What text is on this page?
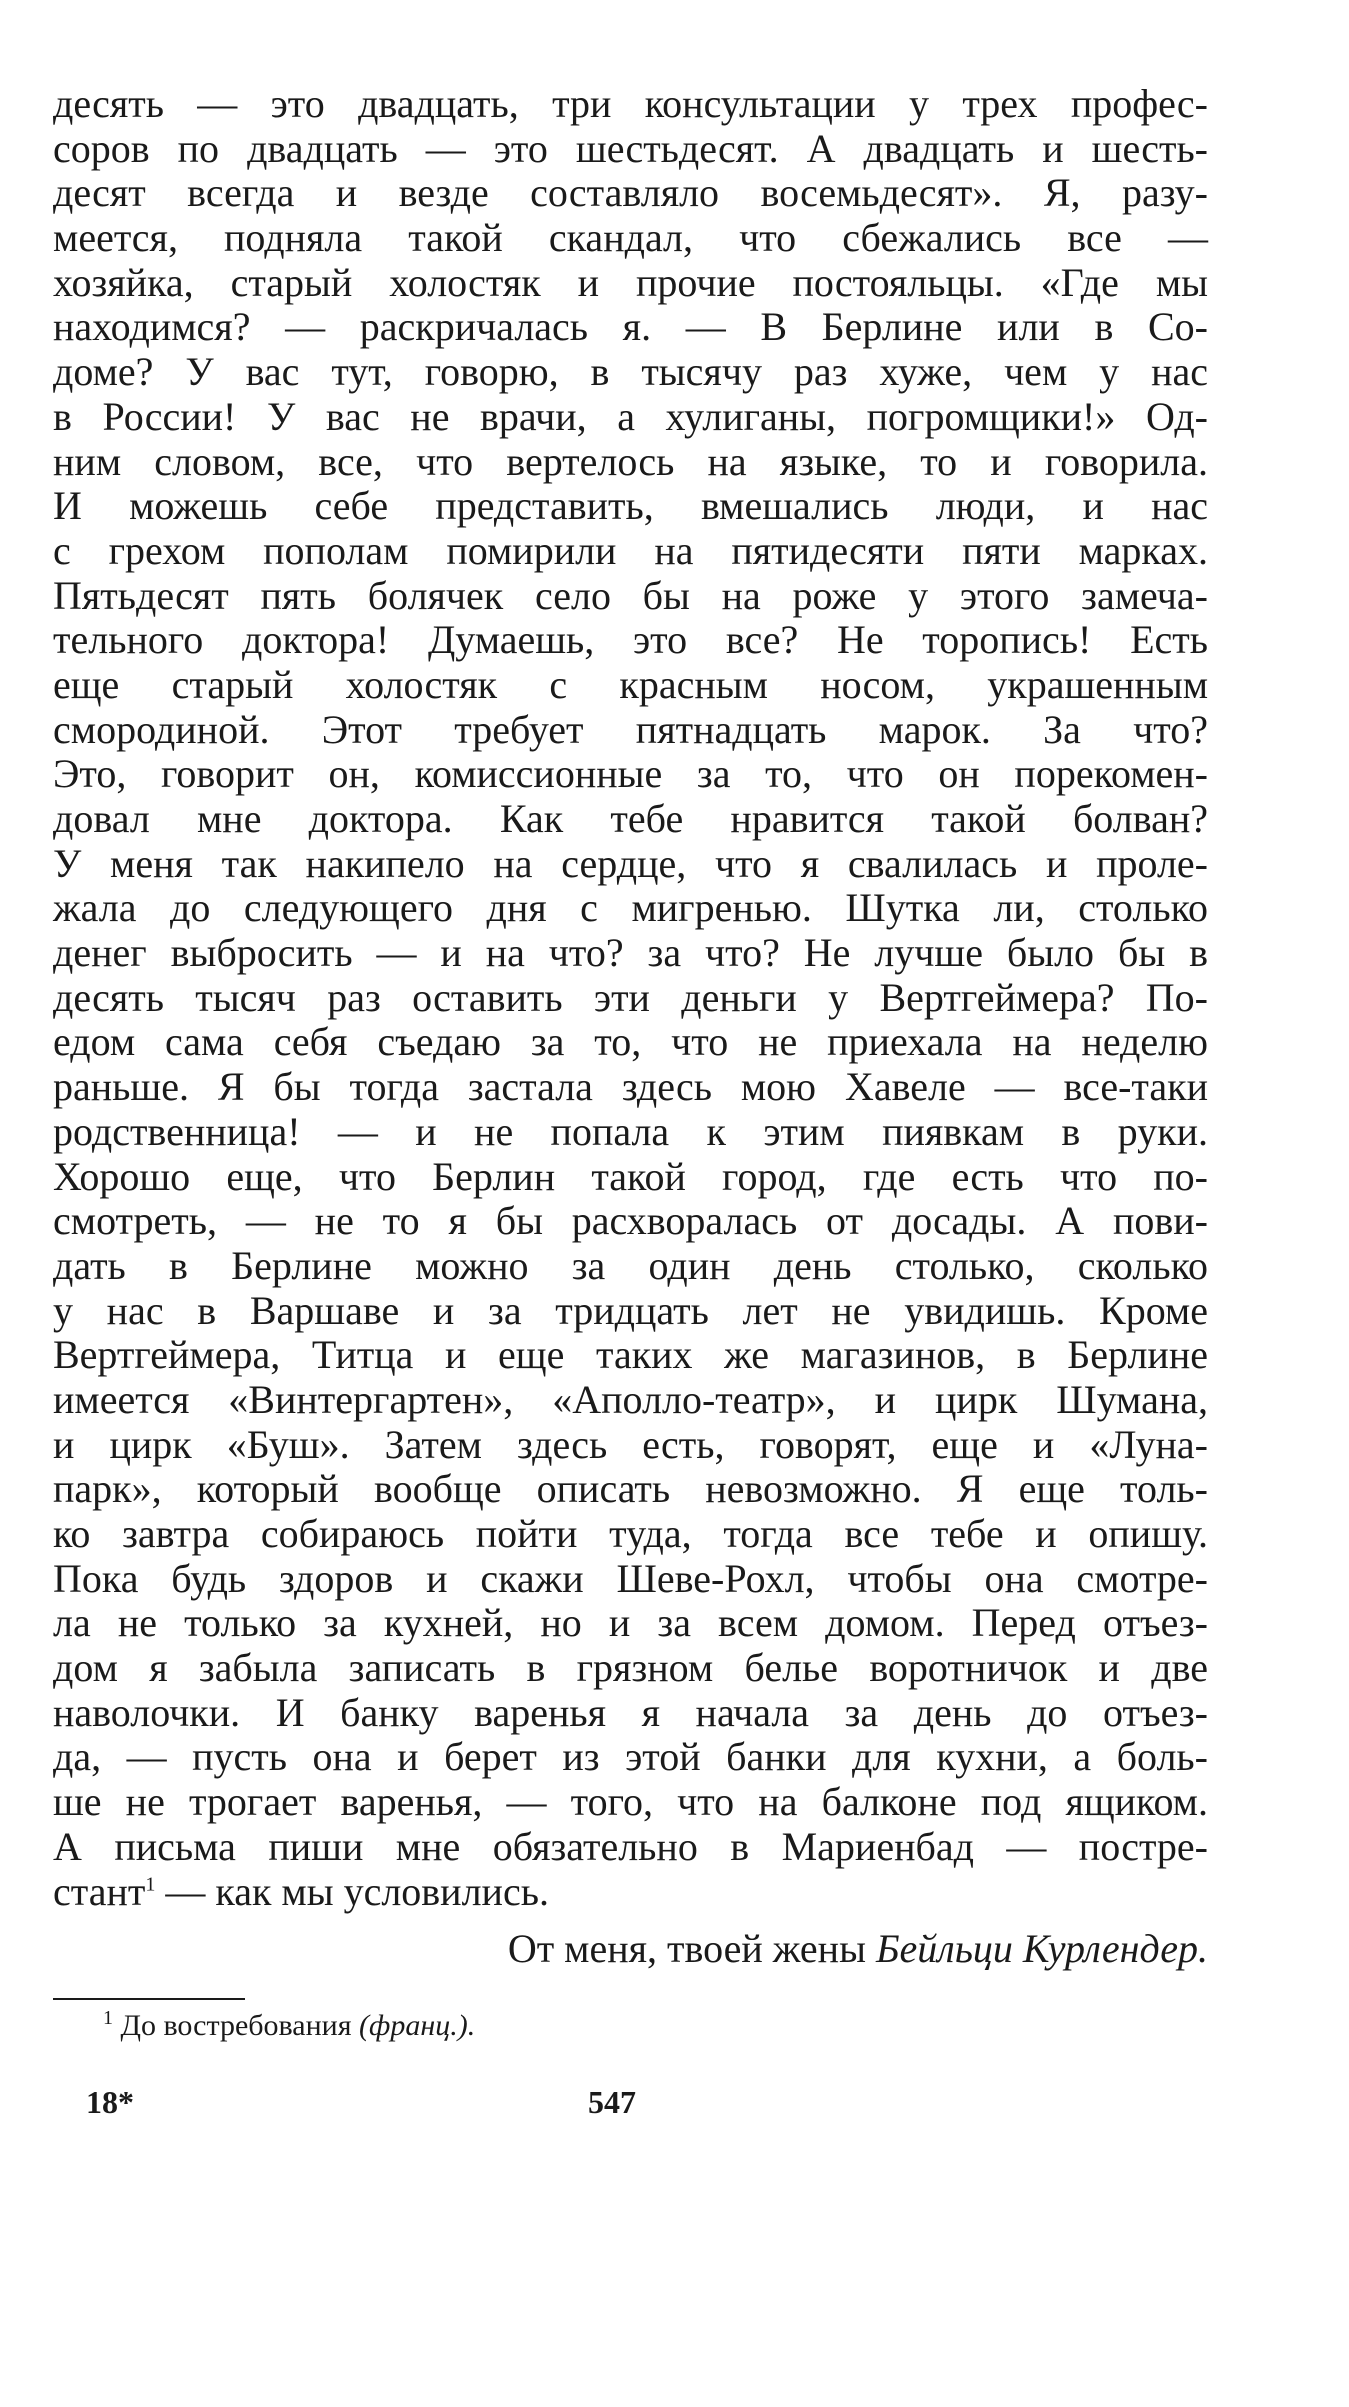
десять — это двадцать, три консультации у трех профес-
соров по двадцать — это шестьдесят. А двадцать и шесть-
десят всегда и везде составляло восемьдесят». Я, разу-
меется, подняла такой скандал, что сбежались все —
хозяйка, старый холостяк и прочие постояльцы. «Где мы
находимся? — раскричалась я. — В Берлине или в Со-
доме? У вас тут, говорю, в тысячу раз хуже, чем у нас
в России! У вас не врачи, а хулиганы, погромщики!» Од-
ним словом, все, что вертелось на языке, то и говорила.
И можешь себе представить, вмешались люди, и нас
с грехом пополам помирили на пятидесяти пяти марках.
Пятьдесят пять болячек село бы на роже у этого замеча-
тельного доктора! Думаешь, это все? Не торопись! Есть
еще старый холостяк с красным носом, украшенным
смородиной. Этот требует пятнадцать марок. За что?
Это, говорит он, комиссионные за то, что он порекомен-
довал мне доктора. Как тебе нравится такой болван?
У меня так накипело на сердце, что я свалилась и проле-
жала до следующего дня с мигренью. Шутка ли, столько
денег выбросить — и на что? за что? Не лучше было бы в
десять тысяч раз оставить эти деньги у Вертгеймера? По-
едом сама себя съедаю за то, что не приехала на неделю
раньше. Я бы тогда застала здесь мою Хавеле — все-таки
родственница! — и не попала к этим пиявкам в руки.
Хорошо еще, что Берлин такой город, где есть что по-
смотреть, — не то я бы расхворалась от досады. А пови-
дать в Берлине можно за один день столько, сколько
у нас в Варшаве и за тридцать лет не увидишь. Кроме
Вертгеймера, Титца и еще таких же магазинов, в Берлине
имеется «Винтергартен», «Аполло-театр», и цирк Шумана,
и цирк «Буш». Затем здесь есть, говорят, еще и «Луна-
парк», который вообще описать невозможно. Я еще толь-
ко завтра собираюсь пойти туда, тогда все тебе и опишу.
Пока будь здоров и скажи Шеве-Рохл, чтобы она смотре-
ла не только за кухней, но и за всем домом. Перед отъез-
дом я забыла записать в грязном белье воротничок и две
наволочки. И банку варенья я начала за день до отъез-
да, — пусть она и берет из этой банки для кухни, а боль-
ше не трогает варенья, — того, что на балконе под ящиком.
А письма пиши мне обязательно в Мариенбад — пострe-
стант$^1$ — как мы условились.
От меня, твоей жены Бейльци Курлендер.
$^1$ До востребования (франц.).
18*	547
